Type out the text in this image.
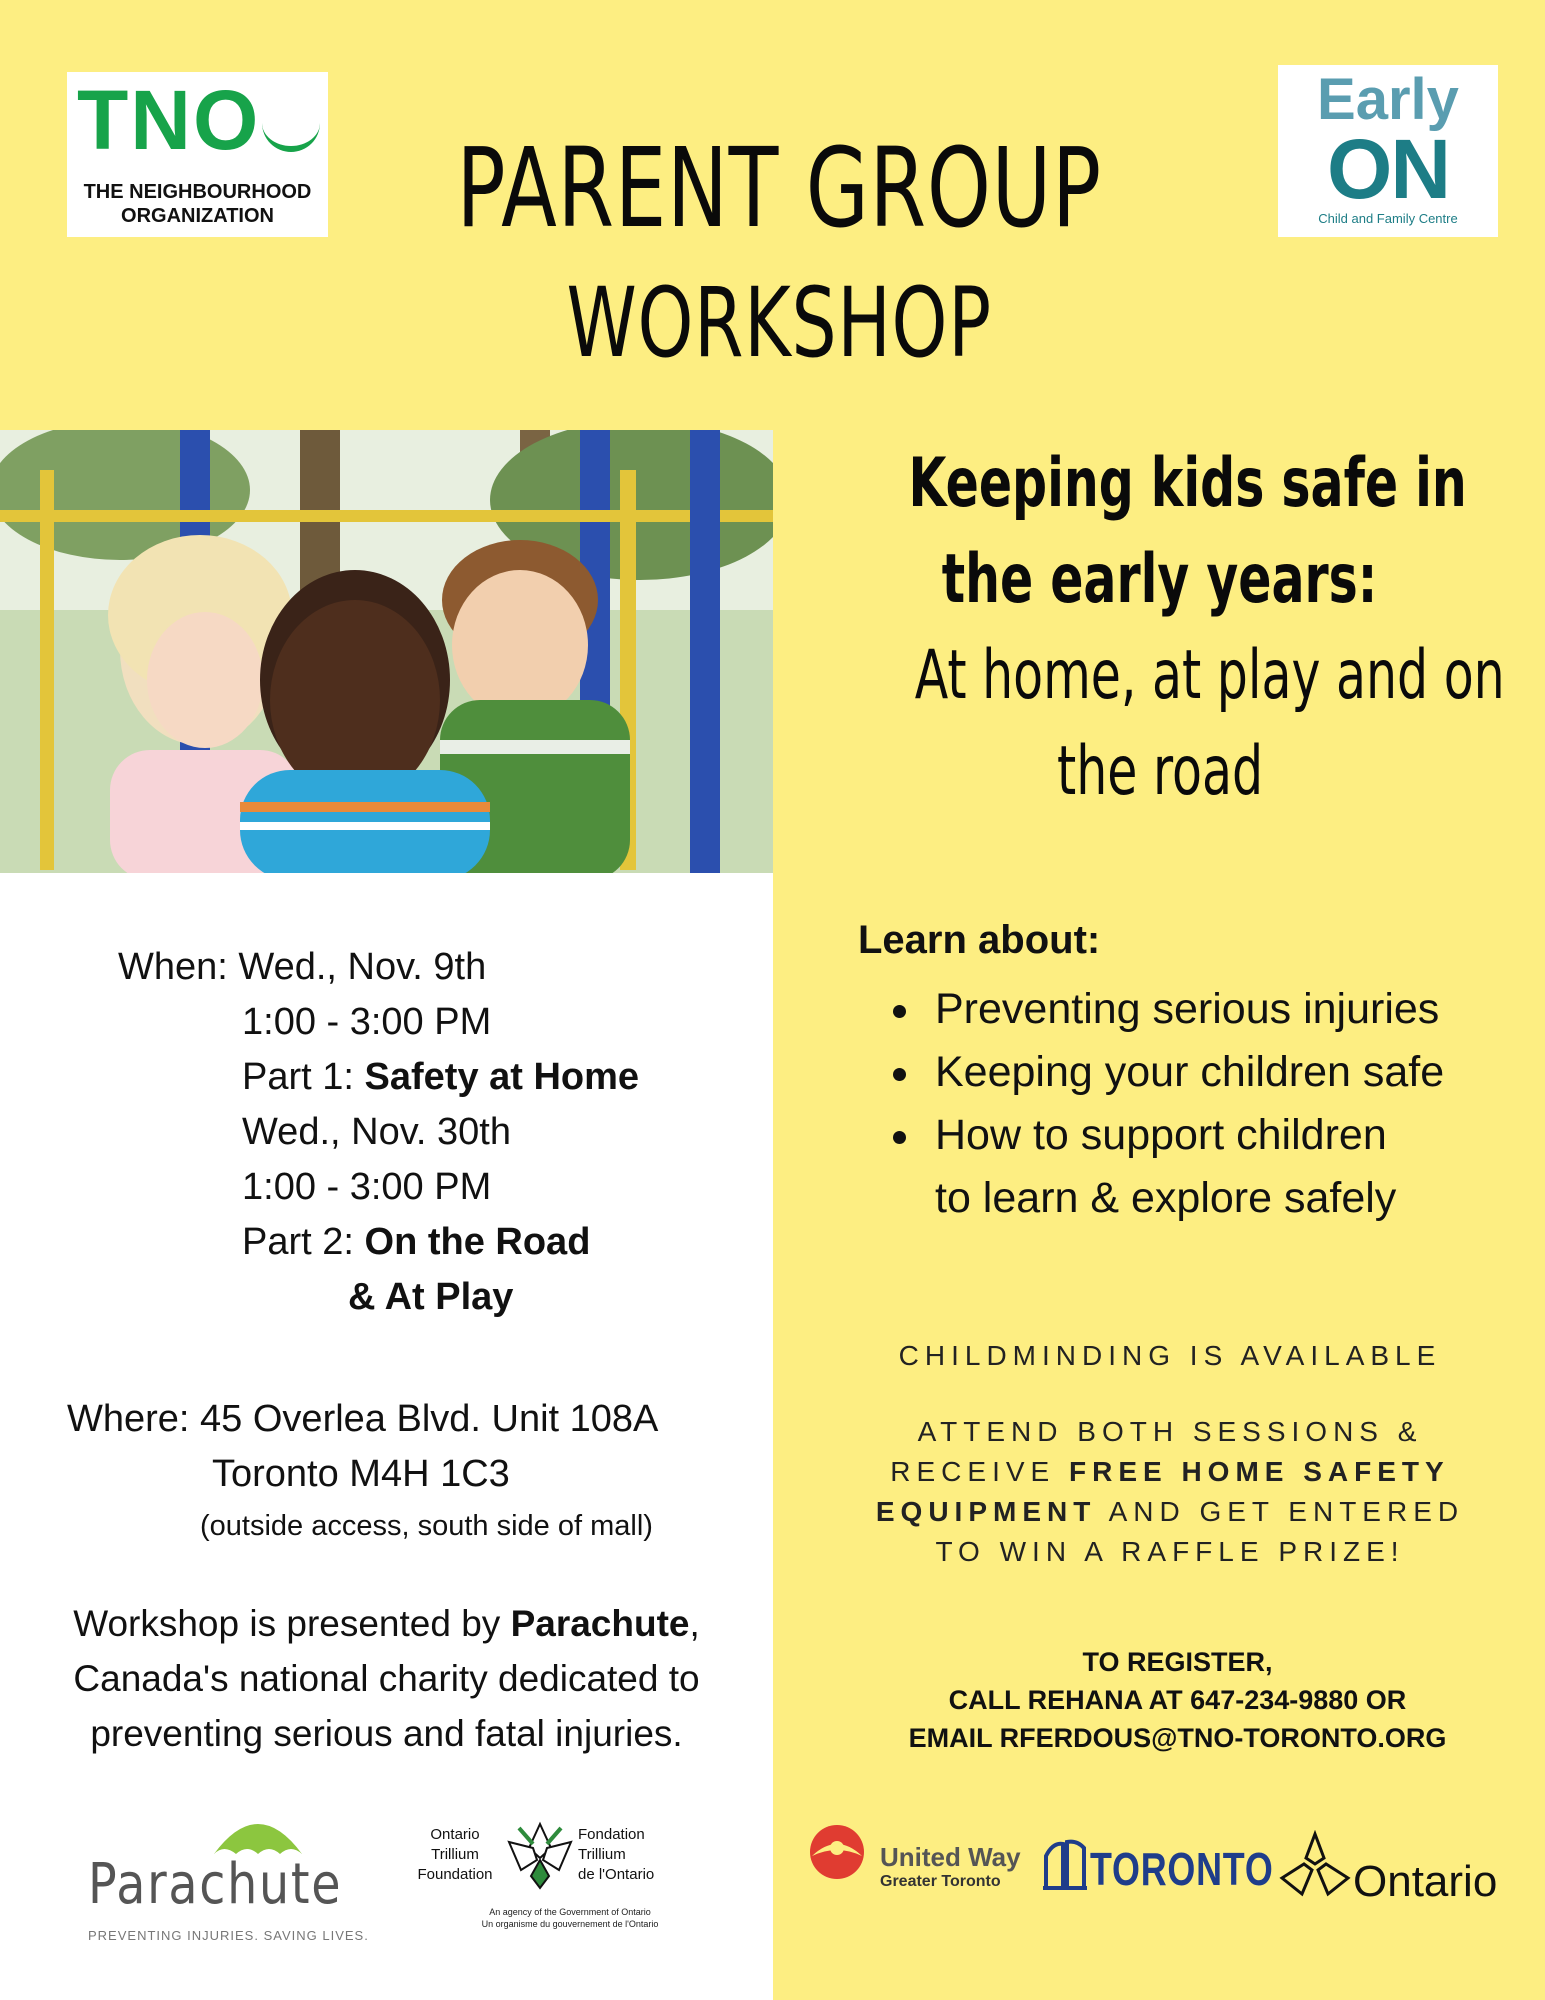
TNO
THE NEIGHBOURHOOD
ORGANIZATION	PARENT GROUP
WORKSHOP
Early
ON
Child and Family Centre
When: Wed., Nov. 9th
1:00 - 3:00 PM
Part 1: Safety at Home
Wed., Nov. 30th
1:00 - 3:00 PM
Part 2: On the Road
& At Play
Where: 45 Overlea Blvd. Unit 108A
Toronto M4H 1C3
(outside access, south side of mall)
Workshop is presented by Parachute,
Canada's national charity dedicated to
preventing serious and fatal injuries.
Parachute
PREVENTING INJURIES. SAVING LIVES.
Ontario
Trillium
Foundation
Fondation
Trillium
de l'Ontario
An agency of the Government of Ontario
Un organisme du gouvernement de l'Ontario
Keeping kids safe in
the early years:
At home, at play and on
the road
Learn about:
Preventing serious injuries
Keeping your children safe
How to support children
to learn & explore safely
CHILDMINDING IS AVAILABLE
ATTEND BOTH SESSIONS &
RECEIVE FREE HOME SAFETY
EQUIPMENT AND GET ENTERED
TO WIN A RAFFLE PRIZE!
TO REGISTER,
CALL REHANA AT 647-234-9880 OR
EMAIL RFERDOUS@TNO-TORONTO.ORG
United Way
Greater Toronto	TORONTO Ontario
